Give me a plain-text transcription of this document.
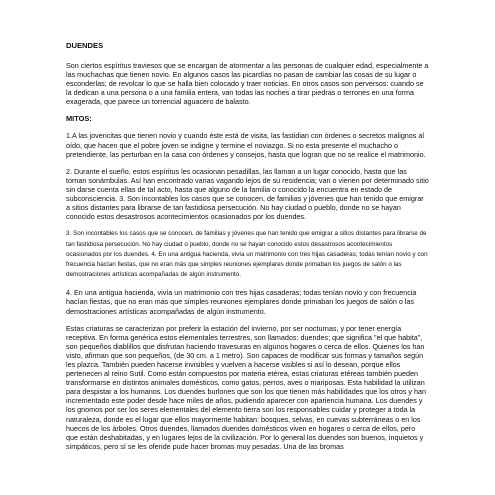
DUENDES

Son ciertos espíritus traviesos que se encargan de atormentar a las personas de cualquier edad, especialmente a las muchachas que tienen novio. En algunos casos las picardías no pasan de cambiar las cosas de su lugar o esconderlas; de revolcar lo que se halla bien colocado y traer noticias. En otros casos son perversos: cuando se la dedican a una persona o a una familia entera, van todas las noches a tirar piedras o terrones en una forma exagerada, que parece un torrencial aguacero de balasto.

MITOS:

1.A las jovencitas que tienen novio y cuando éste está de visita, las fastidian con órdenes o secretos malignos al oído, que hacen que el pobre joven se indigne y termine el noviazgo. Si no esta presente el muchacho o pretendiente, las perturban en la casa con órdenes y consejos, hasta que logran que no se realice el matrimonio.

2. Durante el sueño, estos espíritus les ocasionan pesadillas, las llaman a un lugar conocido, hasta que las tornan sonámbulas. Así han encontrado varias vagando lejos de su residencia; van o vienen por determinado sitio sin darse cuenta ellas de tal acto, hasta que alguno de la familia o conocido la encuentra en estado de subconsciencia. 3. Son incontables los casos que se conocen, de familias y jóvenes que han tenido que emigrar a sitios distantes para librarse de tan fastidiosa persecución. No hay ciudad o pueblo, donde no se hayan conocido estos desastrosos acontecimientos ocasionados por los duendes.

3. Son incontables los casos que se conocen, de familias y jóvenes que han tenido que emigrar a sitios distantes para librarse de tan fastidiosa persecución. No hay ciudad o pueblo, donde no se hayan conocido estos desastrosos acontecimientos ocasionados por los duendes. 4. En una antigua hacienda, vivía un matrimonio con tres hijas casaderas; todas tenían novio y con frecuencia hacían fiestas, que no eran más que simples reuniones ejemplares donde primaban los juegos de salón o las demostraciones artísticas acompañadas de algún instrumento.

4. En una antigua hacienda, vivía un matrimonio con tres hijas casaderas; todas tenían novio y con frecuencia hacían fiestas, que no eran más que simples reuniones ejemplares donde primaban los juegos de salón o las demostraciones artísticas acompañadas de algún instrumento.

Estas criaturas se caracterizan por preferir la estación del invierno, por ser nocturnas, y por tener energía receptiva. En forma genérica estos elementales terrestres, son llamados: duendes; que significa "el que habita", son pequeños diablillos que disfrutan haciendo travesuras en algunos hogares o cerca de ellos. Quienes los han visto, afirman que son pequeños, (de 30 cm. a 1 metro). Son capaces de modificar sus formas y tamaños según les plazca. También pueden hacerse invisibles y vuelven a hacerse visibles si así lo desean, porque ellos pertenecen al reino Sutil. Como están compuestos por materia etérea, estas criaturas etéreas también pueden transformarse en distintos animales domésticos, como gatos, perros, aves o mariposas. Esta habilidad la utilizan para despistar a los humanos. Los duendes burlones que son los que tienen más habilidades que los otros y han incrementado este poder desde hace miles de años, pudiendo aparecer con apariencia humana. Los duendes y los gnomos por ser los seres elementales del elemento tierra son los responsables cuidar y proteger a toda la naturaleza, donde es el lugar que ellos mayormente habitan: bosques, selvas, en cuevas subterráneas o en los huecos de los árboles. Otros duendes, llamados duendes domésticos viven en hogares o cerca de ellos, pero que están deshabitadas, y en lugares lejos de la civilización. Por lo general los duendes son buenos, inquietos y simpáticos, pero sí se les ofende pude hacer bromas muy pesadas. Una de las bromas
